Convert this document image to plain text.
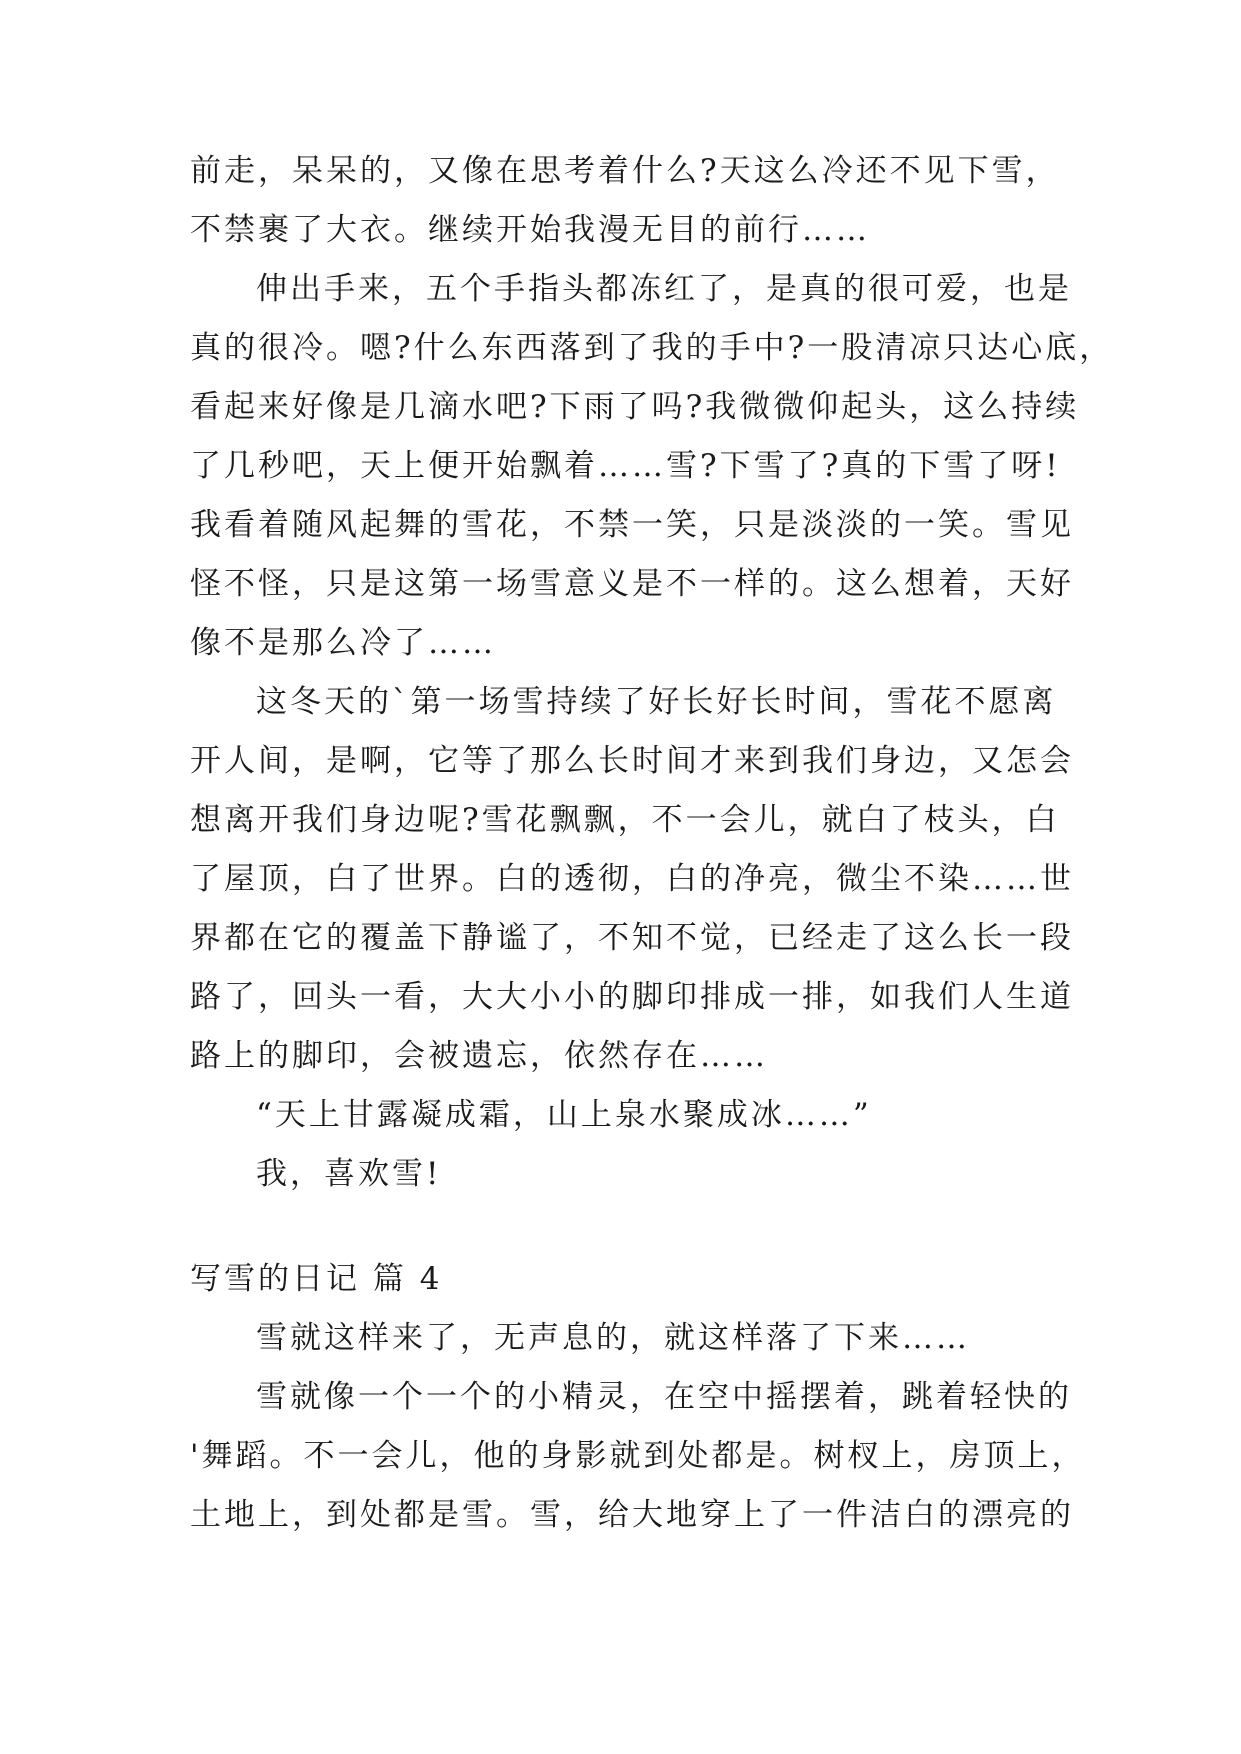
前走，呆呆的，又像在思考着什么?天这么冷还不见下雪，
不禁裹了大衣。继续开始我漫无目的前行……
伸出手来，五个手指头都冻红了，是真的很可爱，也是
真的很冷。嗯?什么东西落到了我的手中?一股清凉只达心底，
看起来好像是几滴水吧?下雨了吗?我微微仰起头，这么持续
了几秒吧，天上便开始飘着……雪?下雪了?真的下雪了呀!
我看着随风起舞的雪花，不禁一笑，只是淡淡的一笑。雪见
怪不怪，只是这第一场雪意义是不一样的。这么想着，天好
像不是那么冷了……
这冬天的`第一场雪持续了好长好长时间，雪花不愿离
开人间，是啊，它等了那么长时间才来到我们身边，又怎会
想离开我们身边呢?雪花飘飘，不一会儿，就白了枝头，白
了屋顶，白了世界。白的透彻，白的净亮，微尘不染……世
界都在它的覆盖下静谧了，不知不觉，已经走了这么长一段
路了，回头一看，大大小小的脚印排成一排，如我们人生道
路上的脚印，会被遗忘，依然存在……
“天上甘露凝成霜，山上泉水聚成冰……”
我，喜欢雪!
写雪的日记 篇 4
雪就这样来了，无声息的，就这样落了下来……
雪就像一个一个的小精灵，在空中摇摆着，跳着轻快的
'舞蹈。不一会儿，他的身影就到处都是。树杈上，房顶上，
土地上，到处都是雪。雪，给大地穿上了一件洁白的漂亮的
